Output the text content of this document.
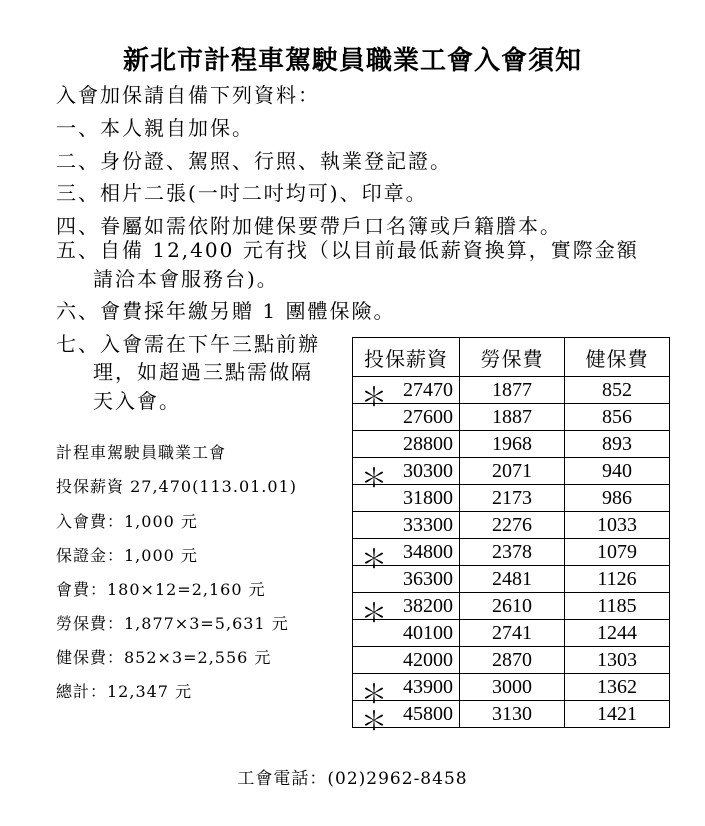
新北市計程車駕駛員職業工會入會須知
入會加保請自備下列資料：
一、本人親自加保。
二、身份證、駕照、行照、執業登記證。
三、相片二張(一吋二吋均可)、印章。
四、眷屬如需依附加健保要帶戶口名簿或戶籍謄本。
五、自備 12,400 元有找（以目前最低薪資換算，實際金額
請洽本會服務台)。
六、會費採年繳另贈 1 團體保險。
七、入會需在下午三點前辦
理，如超過三點需做隔
天入會。
計程車駕駛員職業工會
投保薪資 27,470(113.01.01)
入會費：1,000 元
保證金：1,000 元
會費：180×12=2,160 元
勞保費：1,877×3=5,631 元
健保費：852×3=2,556 元
總計：12,347 元
投保薪資	勞保費	健保費

＊ 27470	1877	852

27600	1887	856

28800	1968	893

＊ 30300	2071	940

31800	2173	986

33300	2276	1033

＊ 34800	2378	1079

36300	2481	1126

＊ 38200	2610	1185

40100	2741	1244

42000	2870	1303

＊ 43900	3000	1362

＊ 45800	3130	1421
工會電話：(02)2962-8458
